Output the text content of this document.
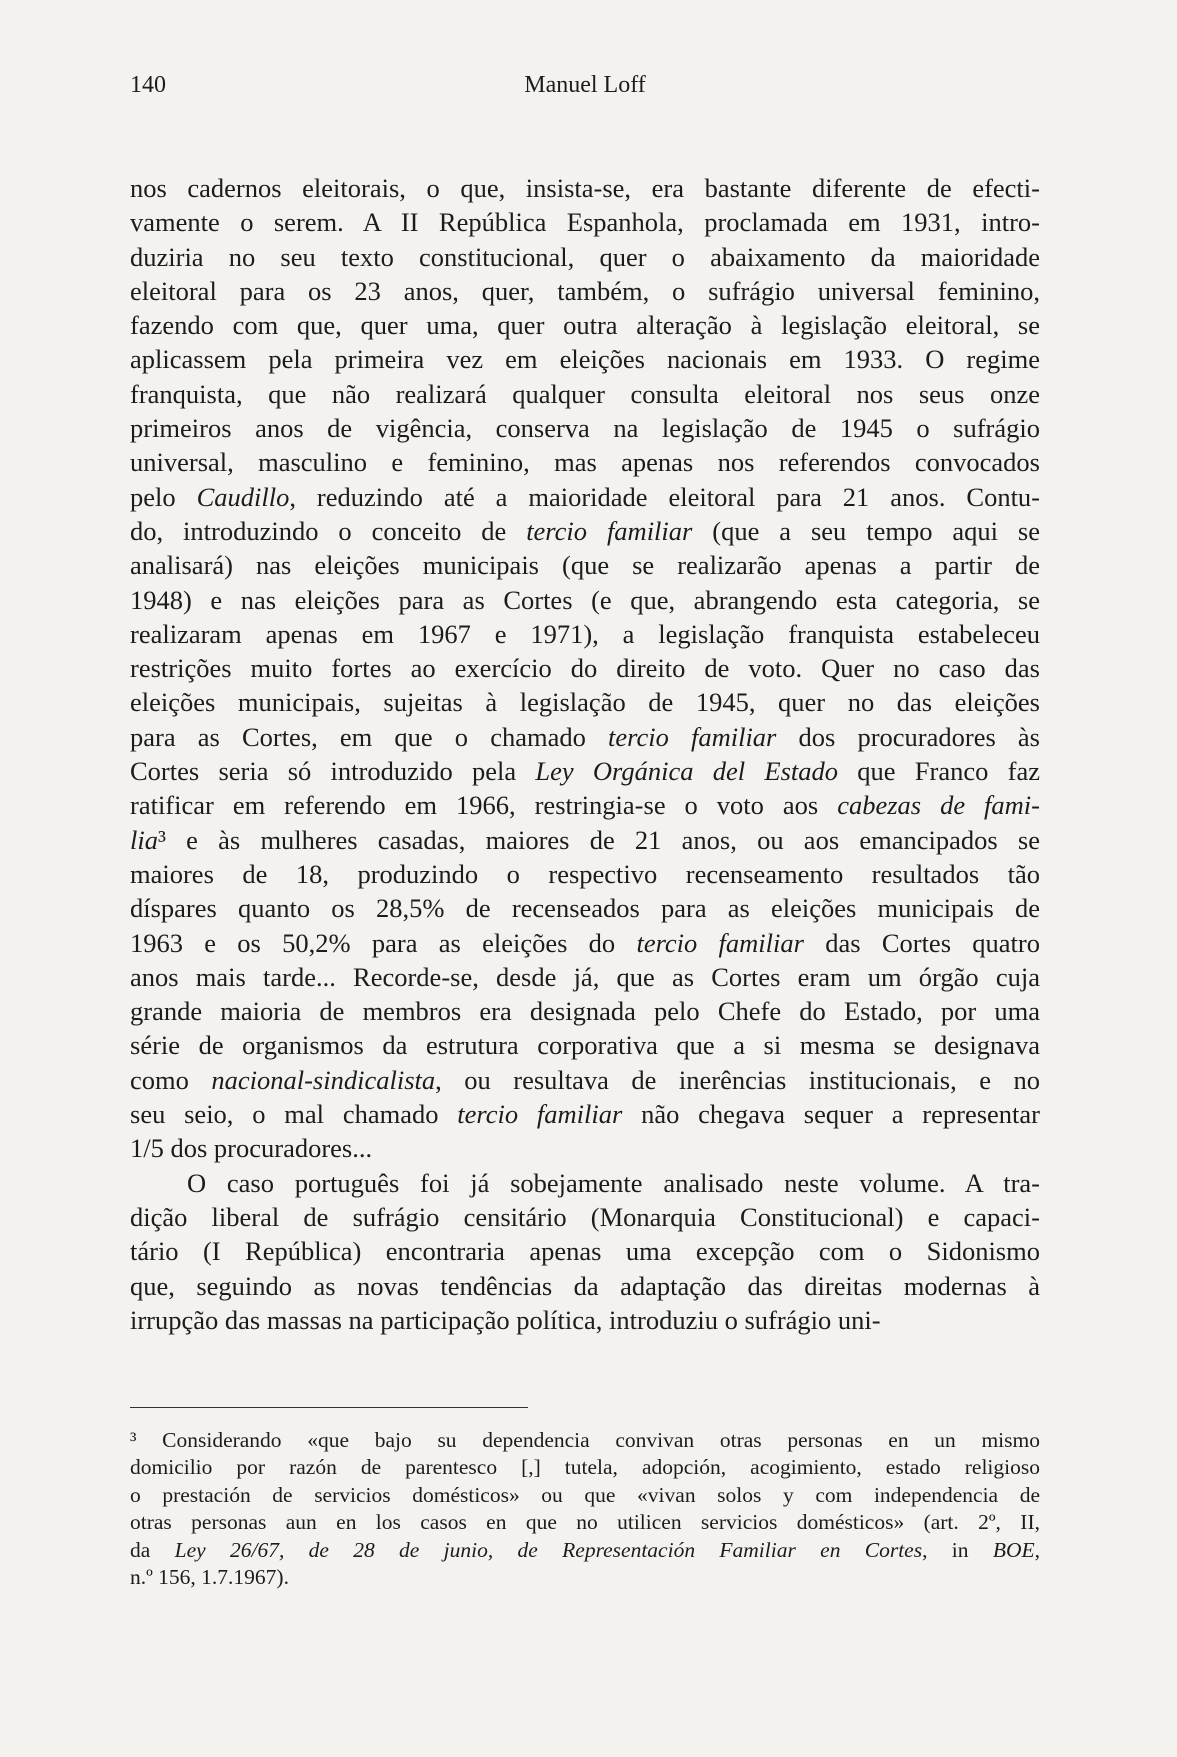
140	Manuel Loff
nos cadernos eleitorais, o que, insista-se, era bastante diferente de efecti-
vamente o serem. A II República Espanhola, proclamada em 1931, intro-
duziria no seu texto constitucional, quer o abaixamento da maioridade
eleitoral para os 23 anos, quer, também, o sufrágio universal feminino,
fazendo com que, quer uma, quer outra alteração à legislação eleitoral, se
aplicassem pela primeira vez em eleições nacionais em 1933. O regime
franquista, que não realizará qualquer consulta eleitoral nos seus onze
primeiros anos de vigência, conserva na legislação de 1945 o sufrágio
universal, masculino e feminino, mas apenas nos referendos convocados
pelo Caudillo, reduzindo até a maioridade eleitoral para 21 anos. Contu-
do, introduzindo o conceito de tercio familiar (que a seu tempo aqui se
analisará) nas eleições municipais (que se realizarão apenas a partir de
1948) e nas eleições para as Cortes (e que, abrangendo esta categoria, se
realizaram apenas em 1967 e 1971), a legislação franquista estabeleceu
restrições muito fortes ao exercício do direito de voto. Quer no caso das
eleições municipais, sujeitas à legislação de 1945, quer no das eleições
para as Cortes, em que o chamado tercio familiar dos procuradores às
Cortes seria só introduzido pela Ley Orgánica del Estado que Franco faz
ratificar em referendo em 1966, restringia-se o voto aos cabezas de fami-
lia³ e às mulheres casadas, maiores de 21 anos, ou aos emancipados se
maiores de 18, produzindo o respectivo recenseamento resultados tão
díspares quanto os 28,5% de recenseados para as eleições municipais de
1963 e os 50,2% para as eleições do tercio familiar das Cortes quatro
anos mais tarde... Recorde-se, desde já, que as Cortes eram um órgão cuja
grande maioria de membros era designada pelo Chefe do Estado, por uma
série de organismos da estrutura corporativa que a si mesma se designava
como nacional-sindicalista, ou resultava de inerências institucionais, e no
seu seio, o mal chamado tercio familiar não chegava sequer a representar
1/5 dos procuradores...
O caso português foi já sobejamente analisado neste volume. A tra-
dição liberal de sufrágio censitário (Monarquia Constitucional) e capaci-
tário (I República) encontraria apenas uma excepção com o Sidonismo
que, seguindo as novas tendências da adaptação das direitas modernas à
irrupção das massas na participação política, introduziu o sufrágio uni-
³ Considerando «que bajo su dependencia convivan otras personas en un mismo
domicilio por razón de parentesco [,] tutela, adopción, acogimiento, estado religioso
o prestación de servicios domésticos» ou que «vivan solos y com independencia de
otras personas aun en los casos en que no utilicen servicios domésticos» (art. 2º, II,
da Ley 26/67, de 28 de junio, de Representación Familiar en Cortes, in BOE,
n.º 156, 1.7.1967).
